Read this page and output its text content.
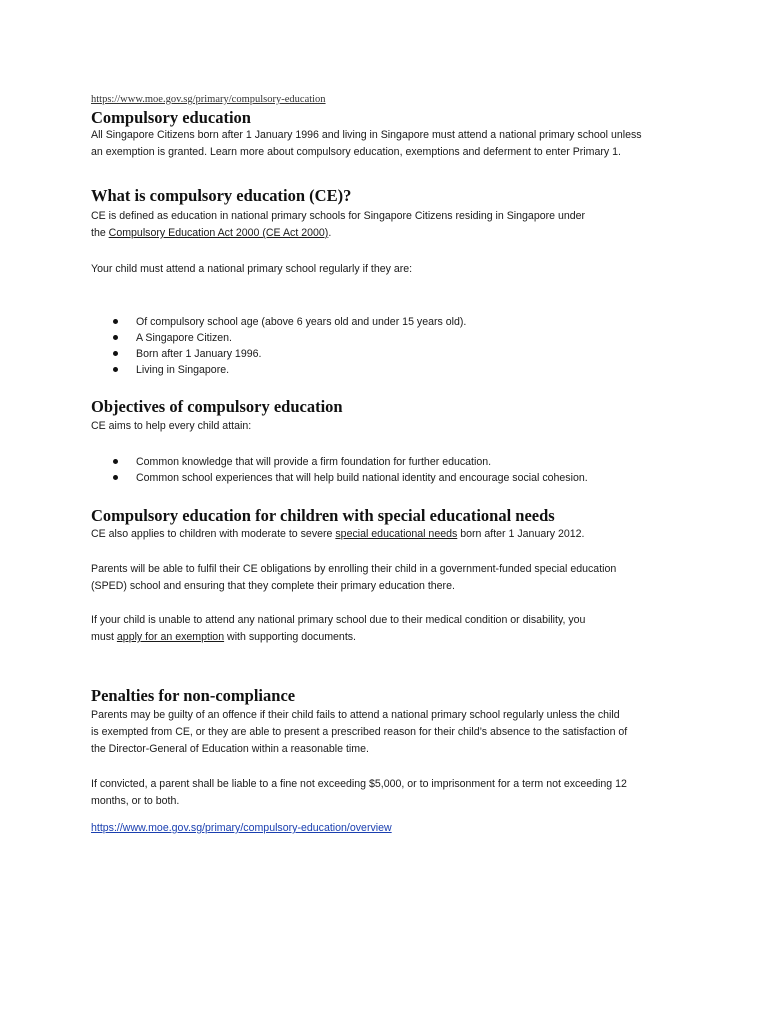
https://www.moe.gov.sg/primary/compulsory-education
Compulsory education

All Singapore Citizens born after 1 January 1996 and living in Singapore must attend a national primary school unless
an exemption is granted. Learn more about compulsory education, exemptions and deferment to enter Primary 1.

What is compulsory education (CE)?

CE is defined as education in national primary schools for Singapore Citizens residing in Singapore under
the Compulsory Education Act 2000 (CE Act 2000).

Your child must attend a national primary school regularly if they are:

Of compulsory school age (above 6 years old and under 15 years old).
A Singapore Citizen.
Born after 1 January 1996.
Living in Singapore.
Objectives of compulsory education

CE aims to help every child attain:

Common knowledge that will provide a firm foundation for further education.
Common school experiences that will help build national identity and encourage social cohesion.
Compulsory education for children with special educational needs

CE also applies to children with moderate to severe special educational needs born after 1 January 2012.

Parents will be able to fulfil their CE obligations by enrolling their child in a government-funded special education
(SPED) school and ensuring that they complete their primary education there.

If your child is unable to attend any national primary school due to their medical condition or disability, you
must apply for an exemption with supporting documents.

Penalties for non-compliance

Parents may be guilty of an offence if their child fails to attend a national primary school regularly unless the child
is exempted from CE, or they are able to present a prescribed reason for their child’s absence to the satisfaction of
the Director-General of Education within a reasonable time.

If convicted, a parent shall be liable to a fine not exceeding $5,000, or to imprisonment for a term not exceeding 12
months, or to both.

https://www.moe.gov.sg/primary/compulsory-education/overview
